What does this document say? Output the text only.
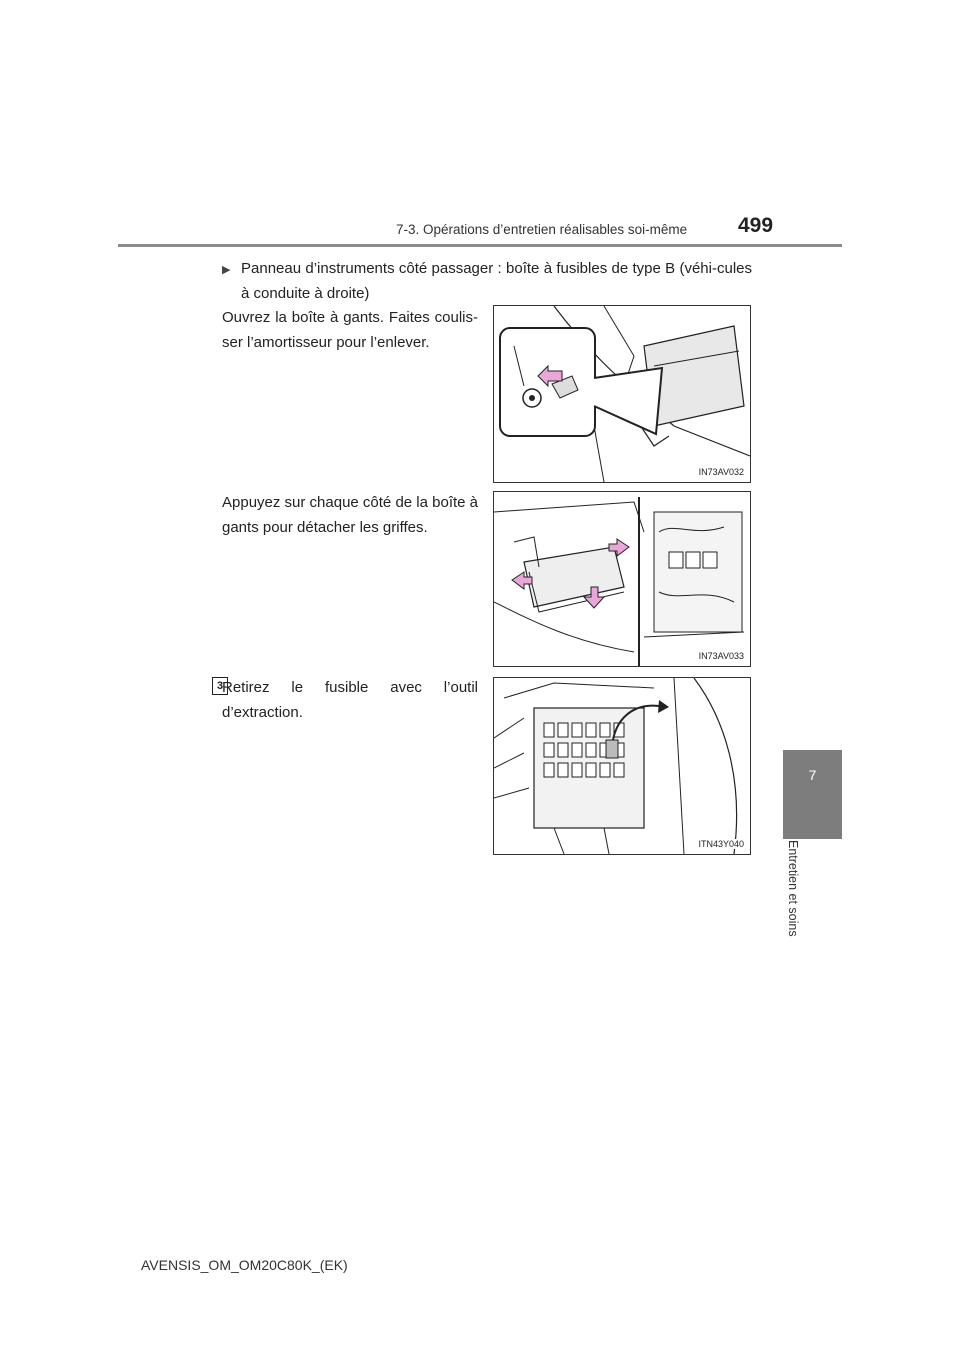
7-3. Opérations d’entretien réalisables soi-même 499
7
Entretien et soins
▶ Panneau d’instruments côté passager : boîte à fusibles de type B (véhi-cules à conduite à droite)
Ouvrez la boîte à gants. Faites coulis-ser l’amortisseur pour l’enlever.
IN73AV032
Appuyez sur chaque côté de la boîte à gants pour détacher les griffes.
IN73AV033
3
Retirez le fusible avec l’outil d’extraction.
ITN43Y040
AVENSIS_OM_OM20C80K_(EK)
